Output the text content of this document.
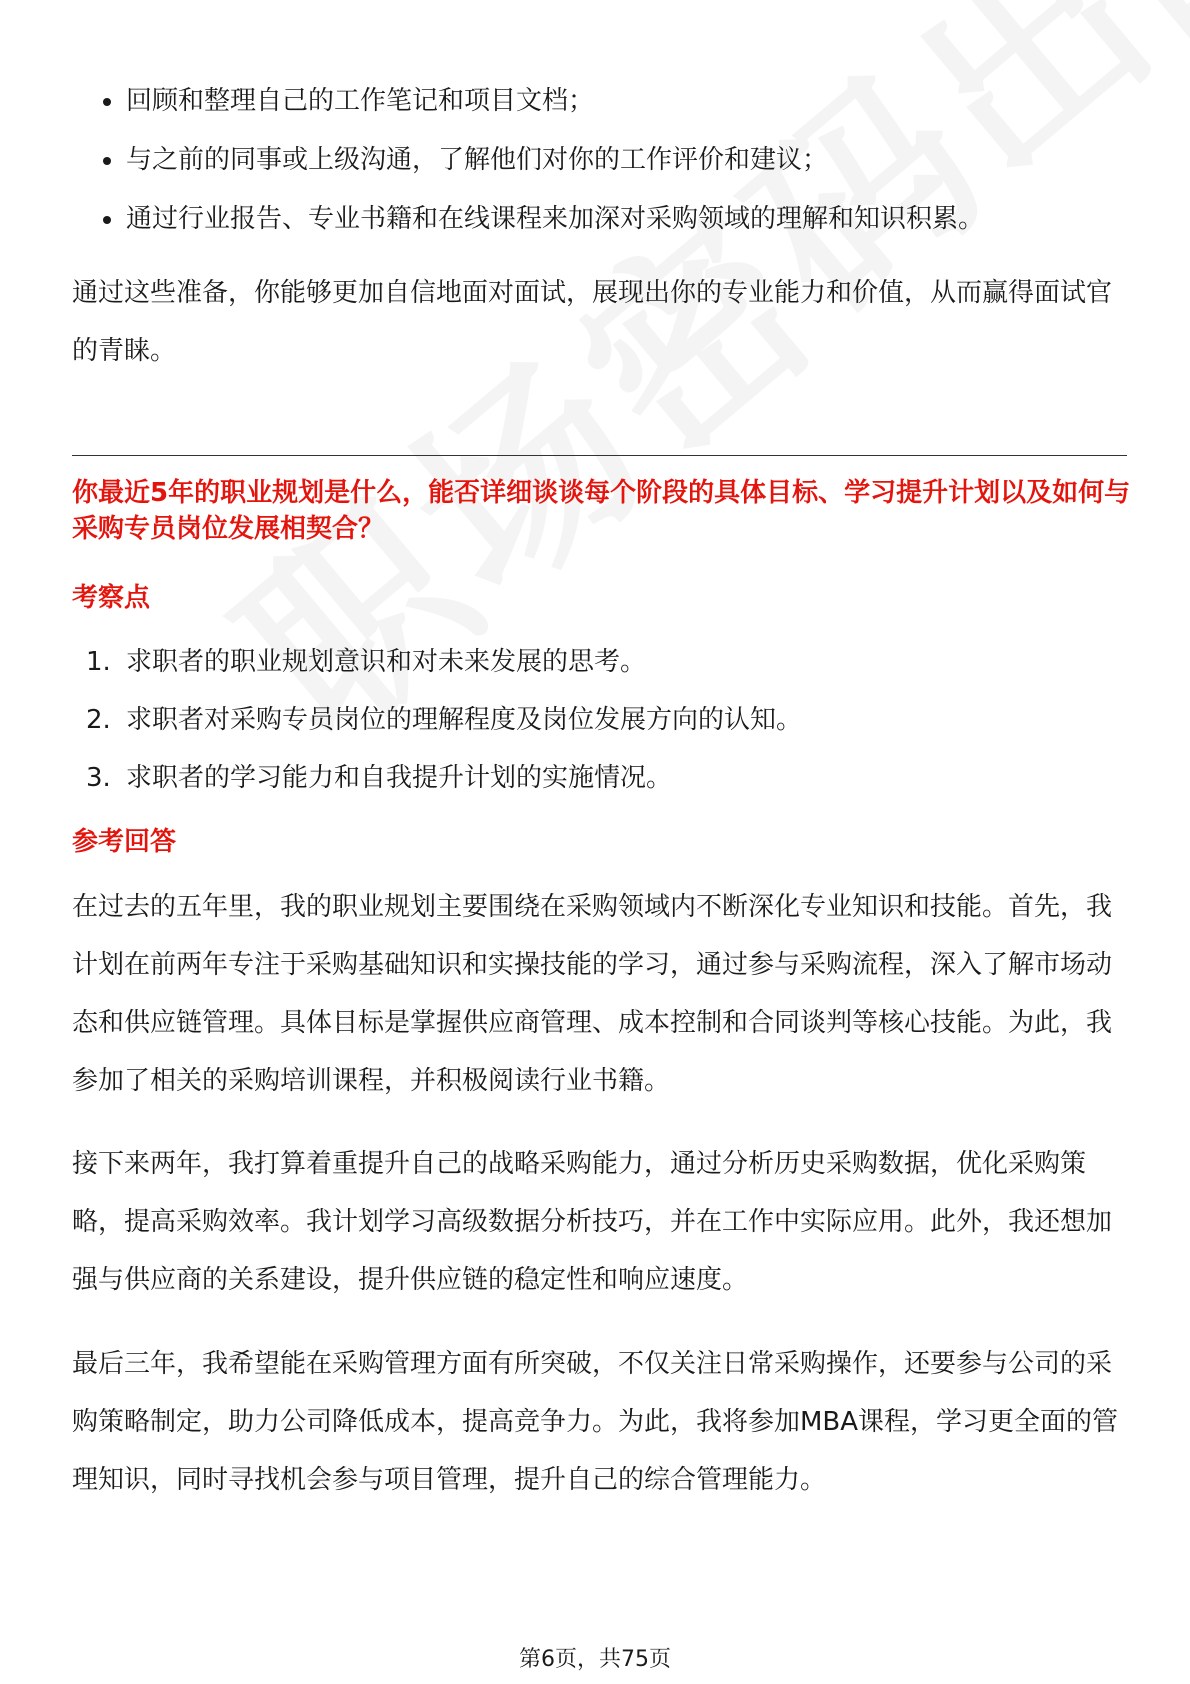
回顾和整理自己的工作笔记和项目文档；
与之前的同事或上级沟通，了解他们对你的工作评价和建议；
通过行业报告、专业书籍和在线课程来加深对采购领域的理解和知识积累。

通过这些准备，你能够更加自信地面对面试，展现出你的专业能力和价值，从而赢得面试官的青睐。

你最近5年的职业规划是什么，能否详细谈谈每个阶段的具体目标、学习提升计划以及如何与采购专员岗位发展相契合？

考察点

1. 求职者的职业规划意识和对未来发展的思考。
2. 求职者对采购专员岗位的理解程度及岗位发展方向的认知。
3. 求职者的学习能力和自我提升计划的实施情况。

参考回答

在过去的五年里，我的职业规划主要围绕在采购领域内不断深化专业知识和技能。首先，我计划在前两年专注于采购基础知识和实操技能的学习，通过参与采购流程，深入了解市场动态和供应链管理。具体目标是掌握供应商管理、成本控制和合同谈判等核心技能。为此，我参加了相关的采购培训课程，并积极阅读行业书籍。

接下来两年，我打算着重提升自己的战略采购能力，通过分析历史采购数据，优化采购策略，提高采购效率。我计划学习高级数据分析技巧，并在工作中实际应用。此外，我还想加强与供应商的关系建设，提升供应链的稳定性和响应速度。

最后三年，我希望能在采购管理方面有所突破，不仅关注日常采购操作，还要参与公司的采购策略制定，助力公司降低成本，提高竞争力。为此，我将参加MBA课程，学习更全面的管理知识，同时寻找机会参与项目管理，提升自己的综合管理能力。

第6页，共75页
